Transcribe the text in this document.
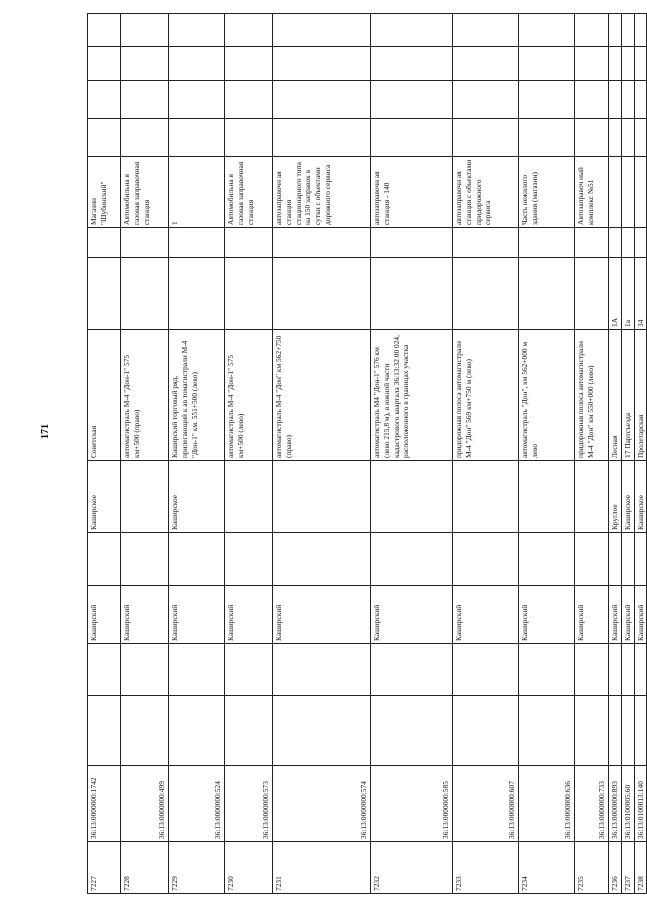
171
7227	36:13:0000000:1742			Каширский		Каширское	Советская			Магазин "Шубинский"				
7228	36:13:0000000:499			Каширский			автомагистраль М-4 "Дон-1" 575 км+500 (право)			Автомобильна я газовая заправочная станция				
7229	36:13:0000000:524			Каширский		Каширское	Каширский торговый ряд, прилегающий к ав томагистрали М-4 "Дон-1" км. 551+500 (лево)			1				
7230	36:13:0000000:573			Каширский			автомагистраль М-4 "Дон-1" 575 км+500 (лево)			Автомобильна я газовая заправочная станция				
7231	36:13:0000000:574			Каширский			автомагистраль М-4 "Дон" км 562+750 (право)			автозаправочн ая станция стационарного типа на 150 заправок в сутки с объектами дорожного сервиса				
7232	36:13:0000000:585			Каширский			автомагистраль М4 "Дон-1" 576 км (лево 215,8 м), в южной части кадастрового квартала 36:13:32 00 024, расположенного в границах участка			автозаправочн ая станция - 140				
7233	36:13:0000000:607			Каширский			придорожная полоса автомагистрали М-4 "Дон" 569 км+750 м (лево)			автозаправочн ая станция с объектами придорожного сервиса				
7234	36:13:0000000:636			Каширский			автомагистраль "Дон", км 562+000 м лево			Часть нежилого здания (магазин)				
7235	36:13:0000000:733			Каширский			придорожная полоса автомагистрали М-4 "Дон" км 550+000 (лево)			Автозаправоч ный комплекс №51				
7236	36:13:0000000:893			Каширский		Круглое	Лесная	1А						
7237	36:13:0100005:60			Каширский		Каширское	17 Партсъезда	1а						
7238	36:13:0100013:140			Каширский		Каширское	Пролетарская	34						
